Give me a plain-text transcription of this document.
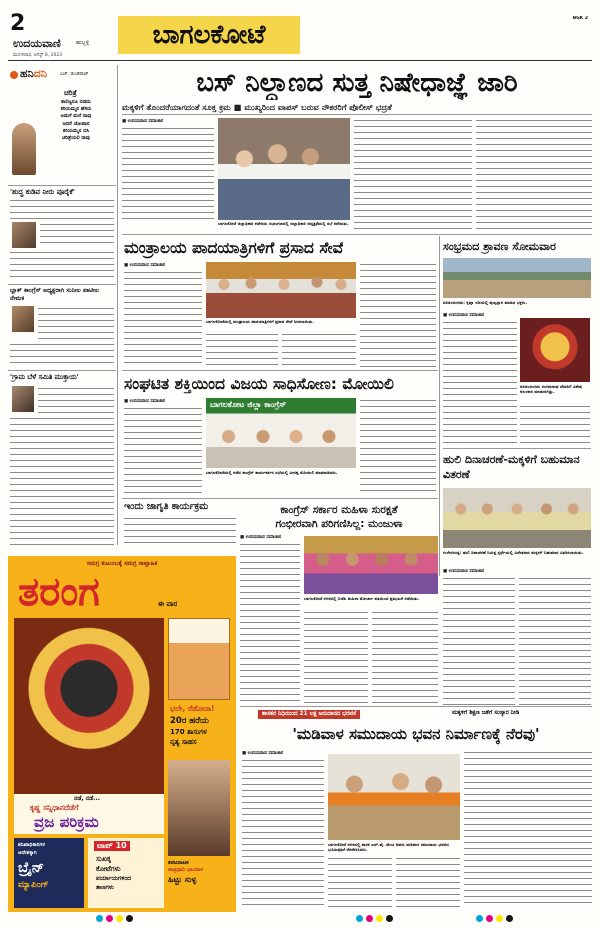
2
ಉದಯವಾಣಿ	ಹುಬ್ಬಳ್ಳಿ
ಮಂಗಳವಾರ, ಆಗಸ್ಟ್ 8, 2023
ಬಾಗಲಕೋಟೆ
BGK 2
ಹನಿದನಿ	ಎಚ್. ಡುಂಡಿರಾಜ್
ಚರಿತ್ರೆ
ಕಾಲಿಟ್ಟರೂ ಬಿಡದು
ಕರಿಯಮ್ಮನ ಹೆಸರು
ಅಡುಗೆ ಮನೆ ನಾವು
ಆದರೆ ಜೋಪಾನ
ಕರಿಯಮ್ಮನ ಬಿಸಿ
ಚರಿತ್ರೆಯಲಿ ನಾವು
'ಶುದ್ಧ ಕುಡಿವ ನೀರು ಪೂರೈಕೆ'
ಬ್ಲಾಕ್ ಕಾಂಗ್ರೆಸ್ ಅಧ್ಯಕ್ಷರಾಗಿ ಸುನೀಲ ಪಾಟೀಲ ನೇಮಕ
'ಗ್ರಾಮ ಬೆಳೆ ಸಮಿತಿ ಮುಕ್ತಾಯ'
ಬಸ್ ನಿಲ್ದಾಣದ ಸುತ್ತ ನಿಷೇಧಾಜ್ಞೆ ಜಾರಿ
ಮಕ್ಕಳಿಗೆ ತೊಂದರೆಯಾಗದಂತೆ ಸೂಕ್ತ ಕ್ರಮ ■ ಮುಖ್ಯರಿಂದ ವಾಪಸ್ ಬರುವ ನೌಕರರಿಗೆ ಪೊಲೀಸ್ ಭದ್ರತೆ
■ ಉದಯವಾಣಿ ಸಮಾಚಾರ
ಬಾಗಲಕೋಟೆ ಜಿಲ್ಲಾಧಿಕಾರಿ ಕಚೇರಿಯ ಸಭಾಂಗಣದಲ್ಲಿ ಜಿಲ್ಲಾಧಿಕಾರಿ ಅಧ್ಯಕ್ಷತೆಯಲ್ಲಿ ಸಭೆ ನಡೆಯಿತು.
ಮಂತ್ರಾಲಯ ಪಾದಯಾತ್ರಿಗಳಿಗೆ ಪ್ರಸಾದ ಸೇವೆ
■ ಉದಯವಾಣಿ ಸಮಾಚಾರ
ಬಾಗಲಕೋಟೆಯಲ್ಲಿ ಮಂತ್ರಾಲಯ ಪಾದಯಾತ್ರಿಗಳಿಗೆ ಪ್ರಸಾದ ಸೇವೆ ನೀಡಲಾಯಿತು.
ಸಂಭ್ರಮದ ಶ್ರಾವಣ ಸೋಮವಾರ
ಕೂಡಲಸಂಗಮ: ಕೃಷ್ಣಾ ನದಿಯಲ್ಲಿ ಪುಣ್ಯಸ್ನಾನ ಮಾಡಿದ ಭಕ್ತರು.
■ ಉದಯವಾಣಿ ಸಮಾಚಾರ
ಕೂಡಲಸಂಗಮ ಸಂಗಮನಾಥ ದೇವರಿಗೆ ವಿಶೇಷ ಅಲಂಕಾರ ಮಾಡಲಾಗಿತ್ತು.
ಸಂಘಟಿತ ಶಕ್ತಿಯಿಂದ ವಿಜಯ ಸಾಧಿಸೋಣ: ಮೋಯಿಲಿ
■ ಉದಯವಾಣಿ ಸಮಾಚಾರ	ಬಾಗಲಕೋಟ ಜಿಲ್ಲಾ ಕಾಂಗ್ರೆಸ್
ಬಾಗಲಕೋಟೆಯಲ್ಲಿ ನಡೆದ ಕಾಂಗ್ರೆಸ್ ಕಾರ್ಯಕರ್ತರ ಸಭೆಯಲ್ಲಿ ವೀರಪ್ಪ ಮೋಯಿಲಿ ಮಾತನಾಡಿದರು.
ಹುಲಿ ದಿನಾಚರಣೆ-ಮಕ್ಕಳಿಗೆ ಬಹುಮಾನ ವಿತರಣೆ
ಗುಳೇದಗುಡ್ಡ: ಹುಲಿ ದಿನಾಚರಣೆ ನಿಮಿತ್ತ ಸ್ಪರ್ಧೆಯಲ್ಲಿ ವಿಜೇತರಾದ ಮಕ್ಕಳಿಗೆ ಬಹುಮಾನ ವಿತರಿಸಲಾಯಿತು.
■ ಉದಯವಾಣಿ ಸಮಾಚಾರ
ಇಂದು ಜಾಗೃತಿ ಕಾರ್ಯಕ್ರಮ	ಕಾಂಗ್ರೆಸ್ ಸರ್ಕಾರ ಮಹಿಳಾ ಸುರಕ್ಷತೆ
ಗಂಭೀರವಾಗಿ ಪರಿಗಣಿಸಿಲ್ಲ: ಮಂಜುಳಾ
■ ಉದಯವಾಣಿ ಸಮಾಚಾರ
ಬಾಗಲಕೋಟೆ ನಗರದಲ್ಲಿ ಬಿಜೆಪಿ ಮಹಿಳಾ ಮೋರ್ಚಾ ವತಿಯಿಂದ ಪ್ರತಿಭಟನೆ ನಡೆಯಿತು.
ಸಮಗ್ರ ಕುಟುಂಬಕ್ಕೆ ಸಮಗ್ರ ಸಾಪ್ತಾಹಿಕ
ತರಂಗ	ಈ ವಾರ
ಭಲೇ, ರೆಡೋನಾ!
20ರ ಹರೆಯ
170 ತಾಸುಗಳ
ನೃತ್ಯ ಸಾಹಸ
ನಡೆ, ನಡೆ...
ಕೃಷ್ಣ ಸನ್ನಿಧಾನದೆಡೆಗೆ
ವ್ರಜ ಪರಿಕ್ರಮ
ತನಿಖಾಧಿಕಾರಿಗಳ
ಆದೇಶಕ್ಕಾಗಿ
ಬ್ರೈನ್
ಮ್ಯಾಪಿಂಗ್
ಟಾಪ್ 10
ಸುಖಕ್ಕ
ಕೋಟೆಗಳು
ಪರ್ಯಾಯಗಳಿಂದ
ತಾಣಗಳು
ಕಪಟನಾಟಕ
ಪಾತ್ರಧಾರಿ ಛಾಯಾಳ
ಹಿಟ್ಟು ಸುಳ್ಳ
ಶಾಸಕರ ನಿಧಿಯಿಂದ 21 ಲಕ್ಷ ಅನುದಾನದ ಭರವಸೆ	ಮಕ್ಕಳಿಗೆ ಶಿಕ್ಷಣ ಜತೆಗೆ ಸಂಸ್ಕಾರ ನೀಡಿ
'ಮಡಿವಾಳ ಸಮುದಾಯ ಭವನ ನಿರ್ಮಾಣಕ್ಕೆ ನೆರವು'
■ ಉದಯವಾಣಿ ಸಮಾಚಾರ
ಬಾಗಲಕೋಟೆ ನಗರದಲ್ಲಿ ಶಾಸಕ ಎಚ್.ವೈ. ಮೇಟಿ ಅವರು ಮಡಿವಾಳ ಸಮುದಾಯ ಭವನದ ಭೂಮಿಪೂಜೆ ನೆರವೇರಿಸಿದರು.
